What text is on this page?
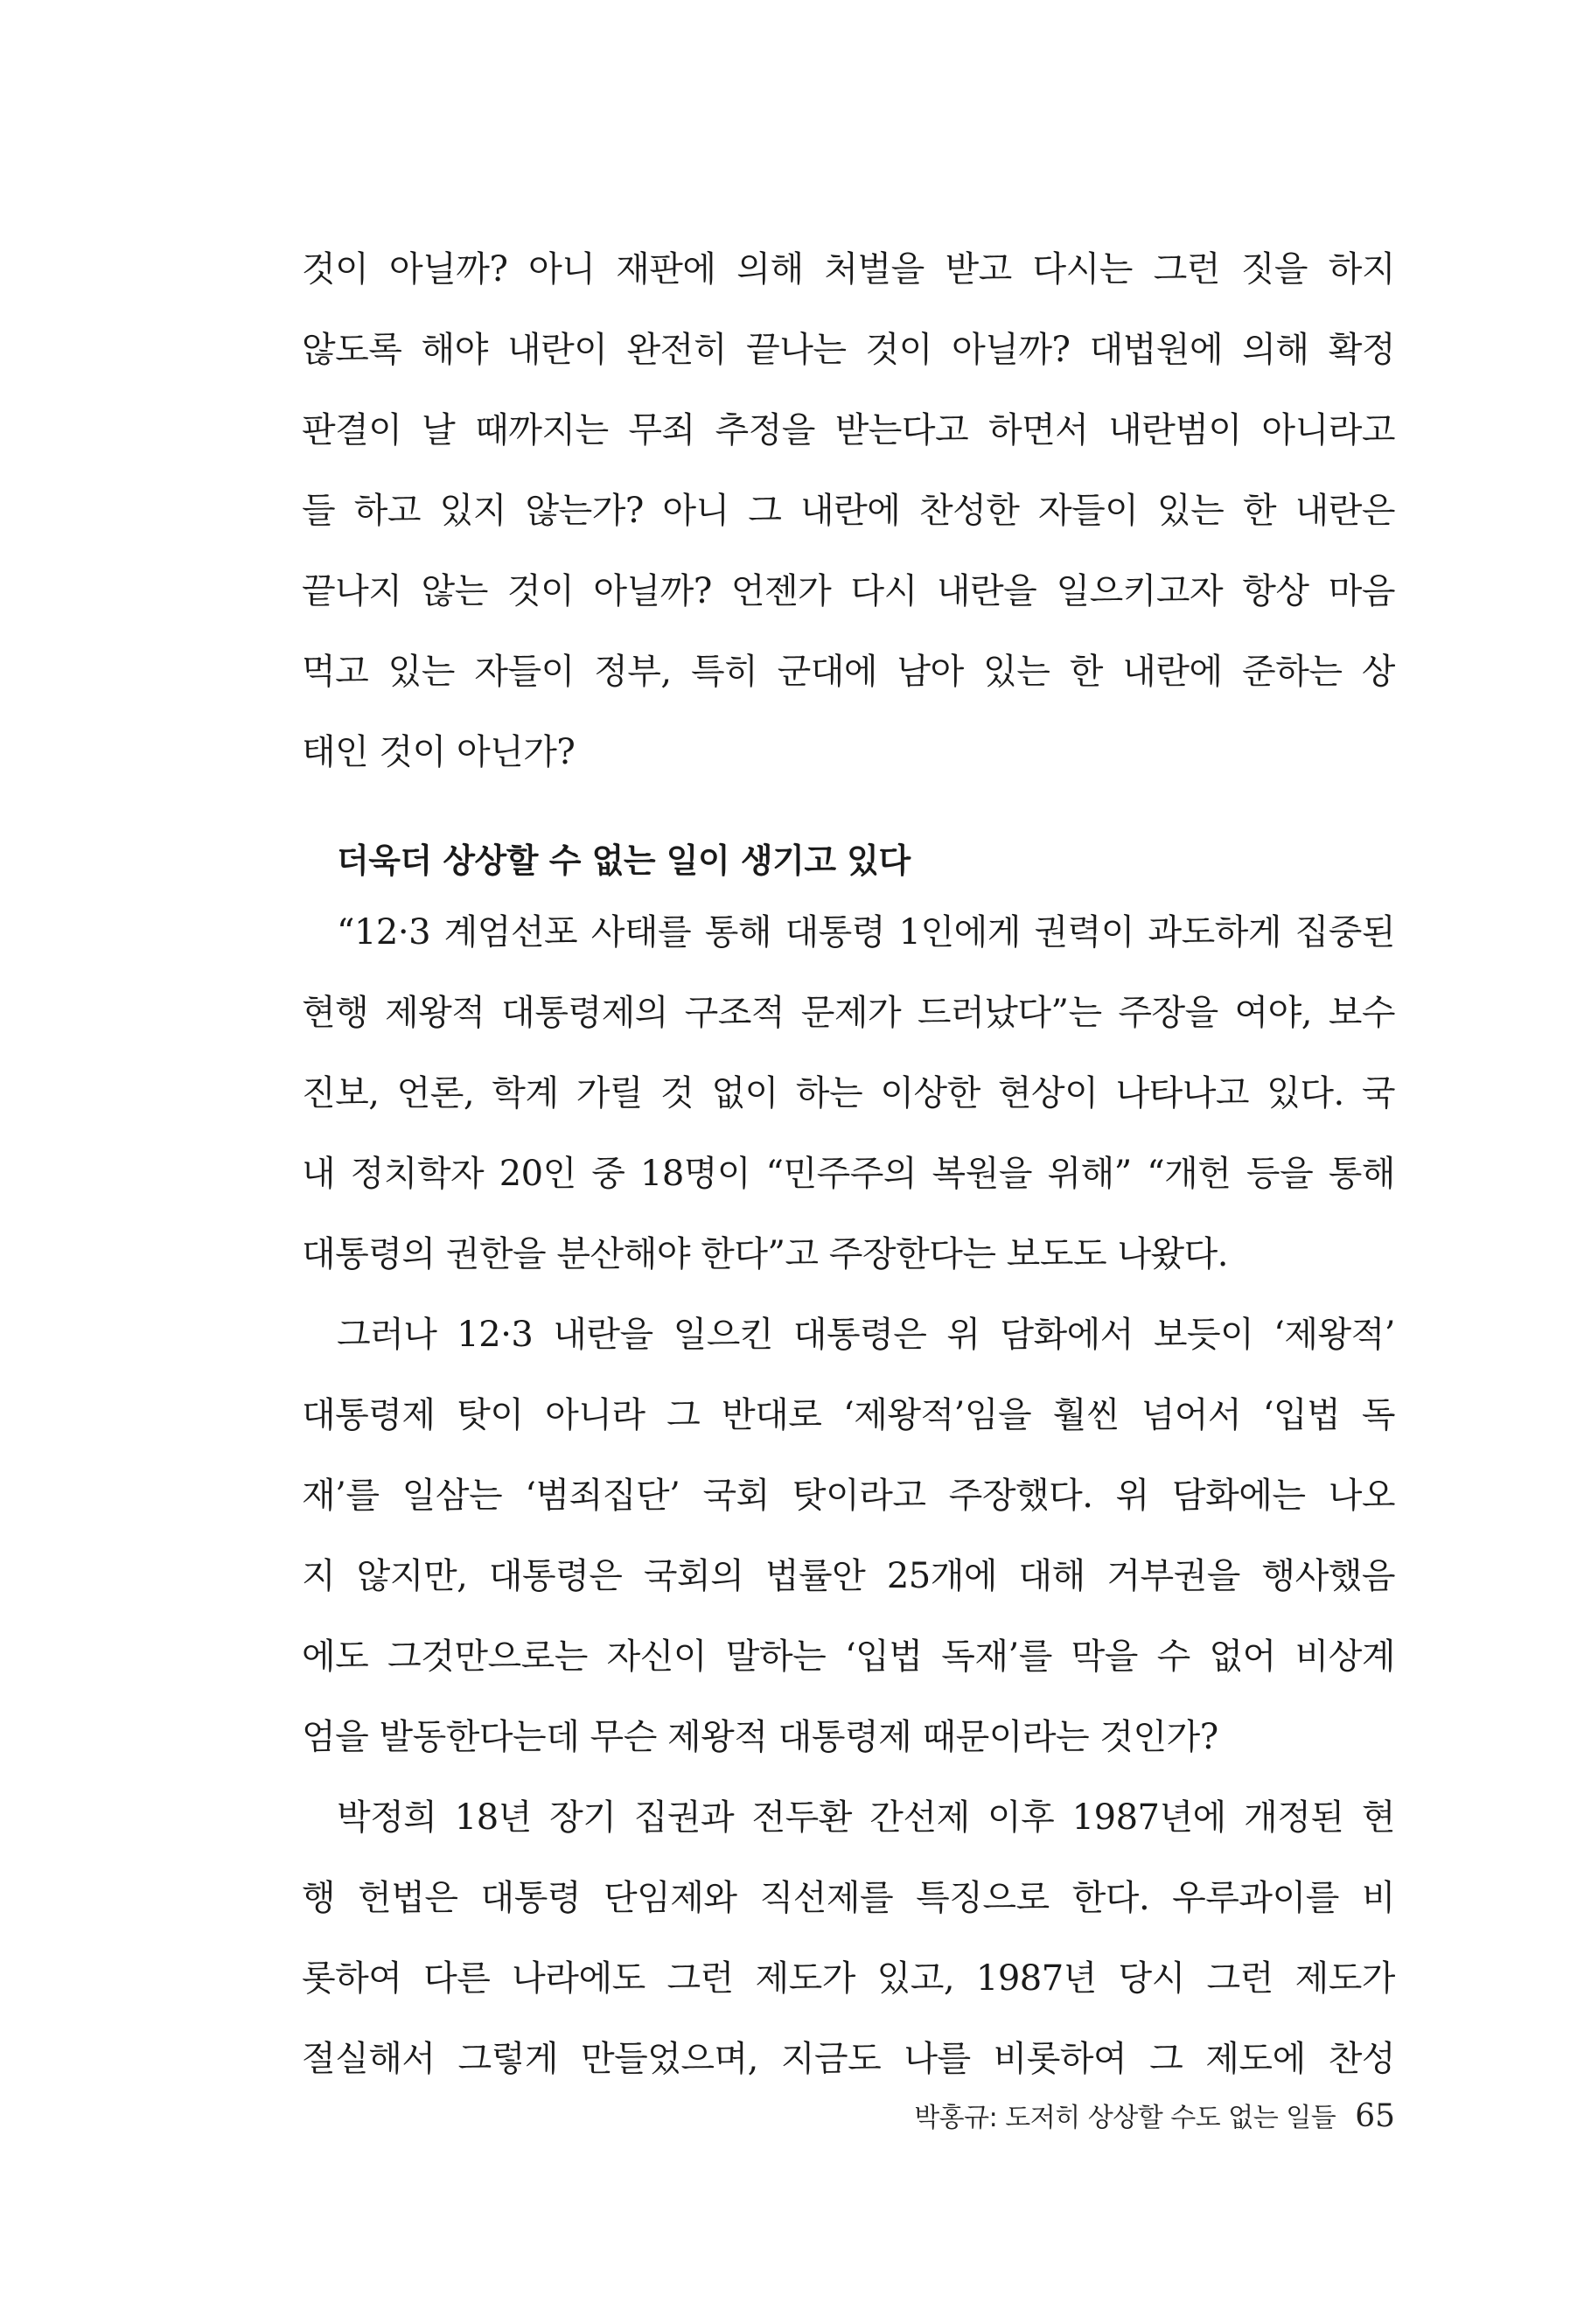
것이 아닐까? 아니 재판에 의해 처벌을 받고 다시는 그런 짓을 하지
않도록 해야 내란이 완전히 끝나는 것이 아닐까? 대법원에 의해 확정
판결이 날 때까지는 무죄 추정을 받는다고 하면서 내란범이 아니라고
들 하고 있지 않는가? 아니 그 내란에 찬성한 자들이 있는 한 내란은
끝나지 않는 것이 아닐까? 언젠가 다시 내란을 일으키고자 항상 마음
먹고 있는 자들이 정부, 특히 군대에 남아 있는 한 내란에 준하는 상
태인 것이 아닌가?
더욱더 상상할 수 없는 일이 생기고 있다
“12·3 계엄선포 사태를 통해 대통령 1인에게 권력이 과도하게 집중된
현행 제왕적 대통령제의 구조적 문제가 드러났다”는 주장을 여야, 보수
진보, 언론, 학계 가릴 것 없이 하는 이상한 현상이 나타나고 있다. 국
내 정치학자 20인 중 18명이 “민주주의 복원을 위해” “개헌 등을 통해
대통령의 권한을 분산해야 한다”고 주장한다는 보도도 나왔다.
그러나 12·3 내란을 일으킨 대통령은 위 담화에서 보듯이 ‘제왕적’
대통령제 탓이 아니라 그 반대로 ‘제왕적’임을 훨씬 넘어서 ‘입법 독
재’를 일삼는 ‘범죄집단’ 국회 탓이라고 주장했다. 위 담화에는 나오
지 않지만, 대통령은 국회의 법률안 25개에 대해 거부권을 행사했음
에도 그것만으로는 자신이 말하는 ‘입법 독재’를 막을 수 없어 비상계
엄을 발동한다는데 무슨 제왕적 대통령제 때문이라는 것인가?
박정희 18년 장기 집권과 전두환 간선제 이후 1987년에 개정된 현
행 헌법은 대통령 단임제와 직선제를 특징으로 한다. 우루과이를 비
롯하여 다른 나라에도 그런 제도가 있고, 1987년 당시 그런 제도가
절실해서 그렇게 만들었으며, 지금도 나를 비롯하여 그 제도에 찬성
박홍규: 도저히 상상할 수도 없는 일들 65
